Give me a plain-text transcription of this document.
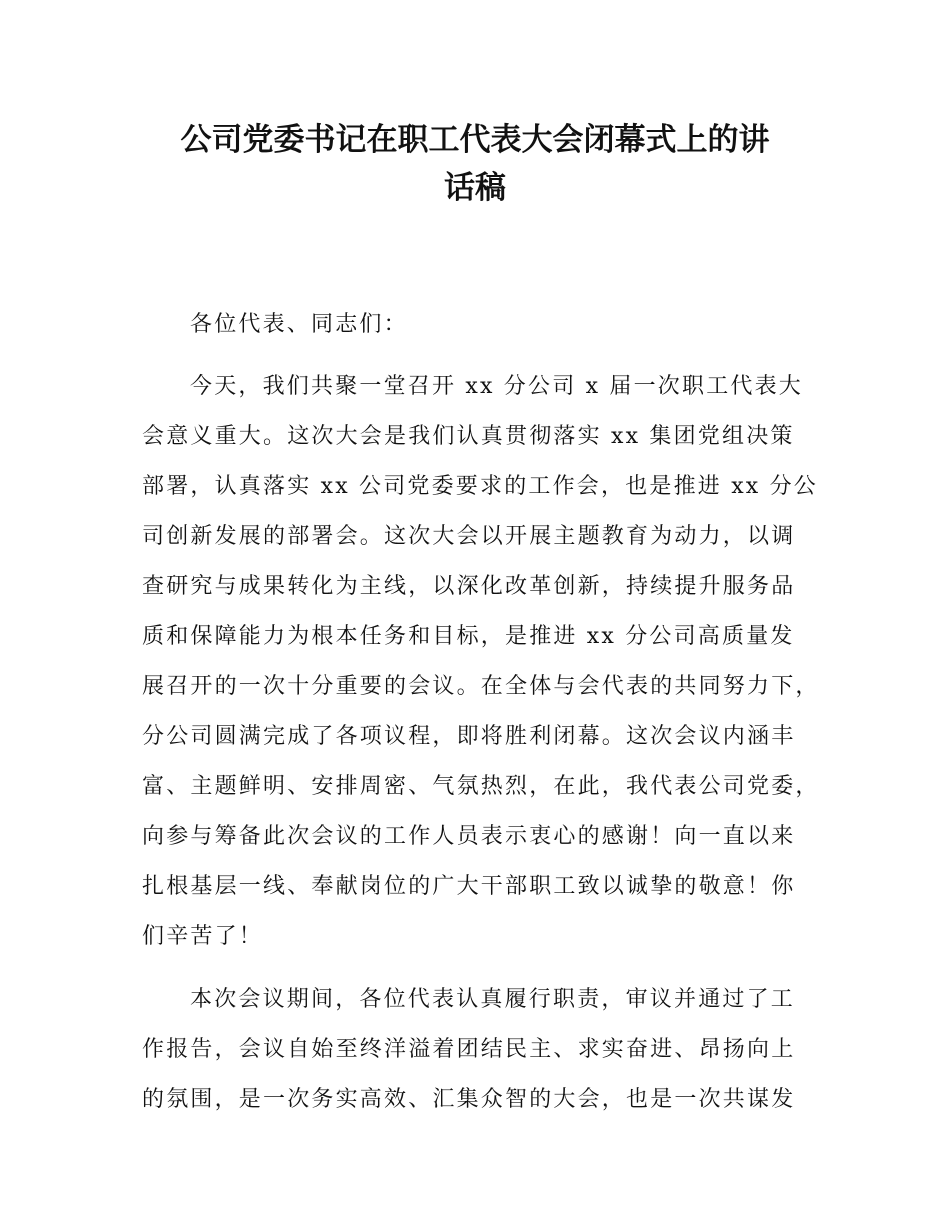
公司党委书记在职工代表大会闭幕式上的讲
话稿

各位代表、同志们：

今天，我们共聚一堂召开 xx 分公司 x 届一次职工代表大

会意义重大。这次大会是我们认真贯彻落实 xx 集团党组决策

部署，认真落实 xx 公司党委要求的工作会，也是推进 xx 分公

司创新发展的部署会。这次大会以开展主题教育为动力，以调

查研究与成果转化为主线，以深化改革创新，持续提升服务品

质和保障能力为根本任务和目标，是推进 xx 分公司高质量发

展召开的一次十分重要的会议。在全体与会代表的共同努力下，

分公司圆满完成了各项议程，即将胜利闭幕。这次会议内涵丰

富、主题鲜明、安排周密、气氛热烈，在此，我代表公司党委，

向参与筹备此次会议的工作人员表示衷心的感谢！向一直以来

扎根基层一线、奉献岗位的广大干部职工致以诚挚的敬意！你

们辛苦了！

本次会议期间，各位代表认真履行职责，审议并通过了工

作报告，会议自始至终洋溢着团结民主、求实奋进、昂扬向上

的氛围，是一次务实高效、汇集众智的大会，也是一次共谋发
